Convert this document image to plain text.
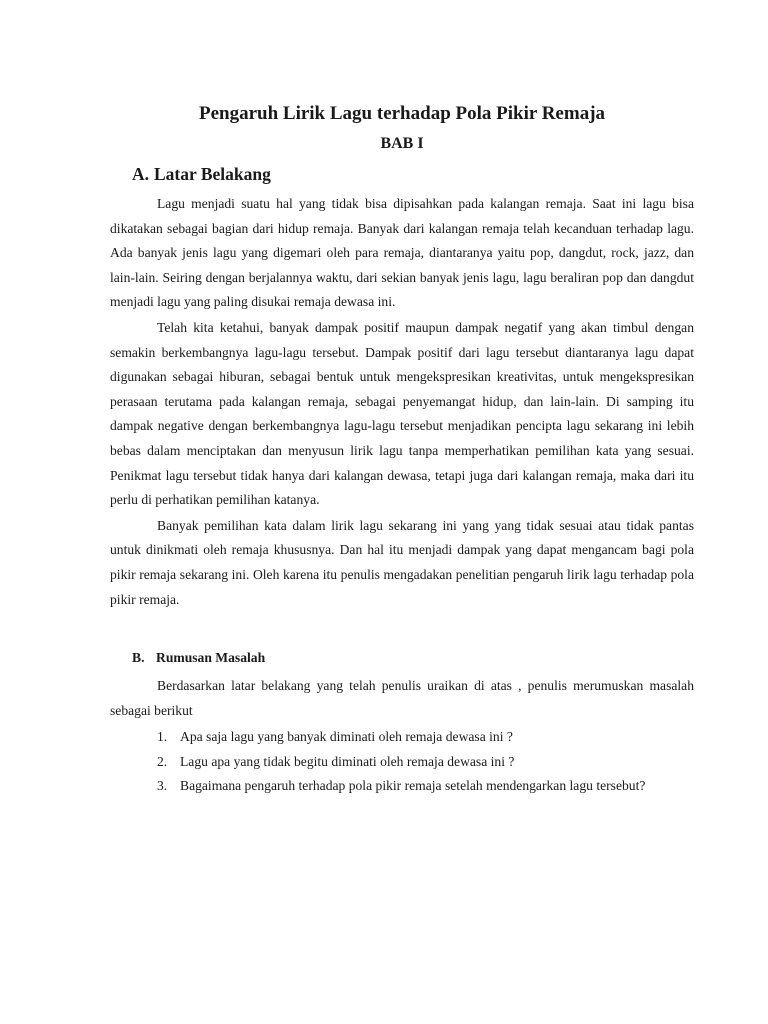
Pengaruh Lirik Lagu terhadap Pola Pikir Remaja
BAB I
A. Latar Belakang

Lagu menjadi suatu hal yang tidak bisa dipisahkan pada kalangan remaja. Saat ini lagu bisa dikatakan sebagai bagian dari hidup remaja. Banyak dari kalangan remaja telah kecanduan terhadap lagu. Ada banyak jenis lagu yang digemari oleh para remaja, diantaranya yaitu pop, dangdut, rock, jazz, dan lain-lain. Seiring dengan berjalannya waktu, dari sekian banyak jenis lagu, lagu beraliran pop dan dangdut menjadi lagu yang paling disukai remaja dewasa ini.

Telah kita ketahui, banyak dampak positif maupun dampak negatif yang akan timbul dengan semakin berkembangnya lagu-lagu tersebut. Dampak positif dari lagu tersebut diantaranya lagu dapat digunakan sebagai hiburan, sebagai bentuk untuk mengekspresikan kreativitas, untuk mengekspresikan perasaan terutama pada kalangan remaja, sebagai penyemangat hidup, dan lain-lain. Di samping itu dampak negative dengan berkembangnya lagu-lagu tersebut menjadikan pencipta lagu sekarang ini lebih bebas dalam menciptakan dan menyusun lirik lagu tanpa memperhatikan pemilihan kata yang sesuai. Penikmat lagu tersebut tidak hanya dari kalangan dewasa, tetapi juga dari kalangan remaja, maka dari itu perlu di perhatikan pemilihan katanya.

Banyak pemilihan kata dalam lirik lagu sekarang ini yang yang tidak sesuai atau tidak pantas untuk dinikmati oleh remaja khususnya. Dan hal itu menjadi dampak yang dapat mengancam bagi pola pikir remaja sekarang ini. Oleh karena itu penulis mengadakan penelitian pengaruh lirik lagu terhadap pola pikir remaja.

B. Rumusan Masalah

Berdasarkan latar belakang yang telah penulis uraikan di atas , penulis merumuskan masalah sebagai berikut

1. Apa saja lagu yang banyak diminati oleh remaja dewasa ini ?
2. Lagu apa yang tidak begitu diminati oleh remaja dewasa ini ?
3. Bagaimana pengaruh terhadap pola pikir remaja setelah mendengarkan lagu tersebut?
